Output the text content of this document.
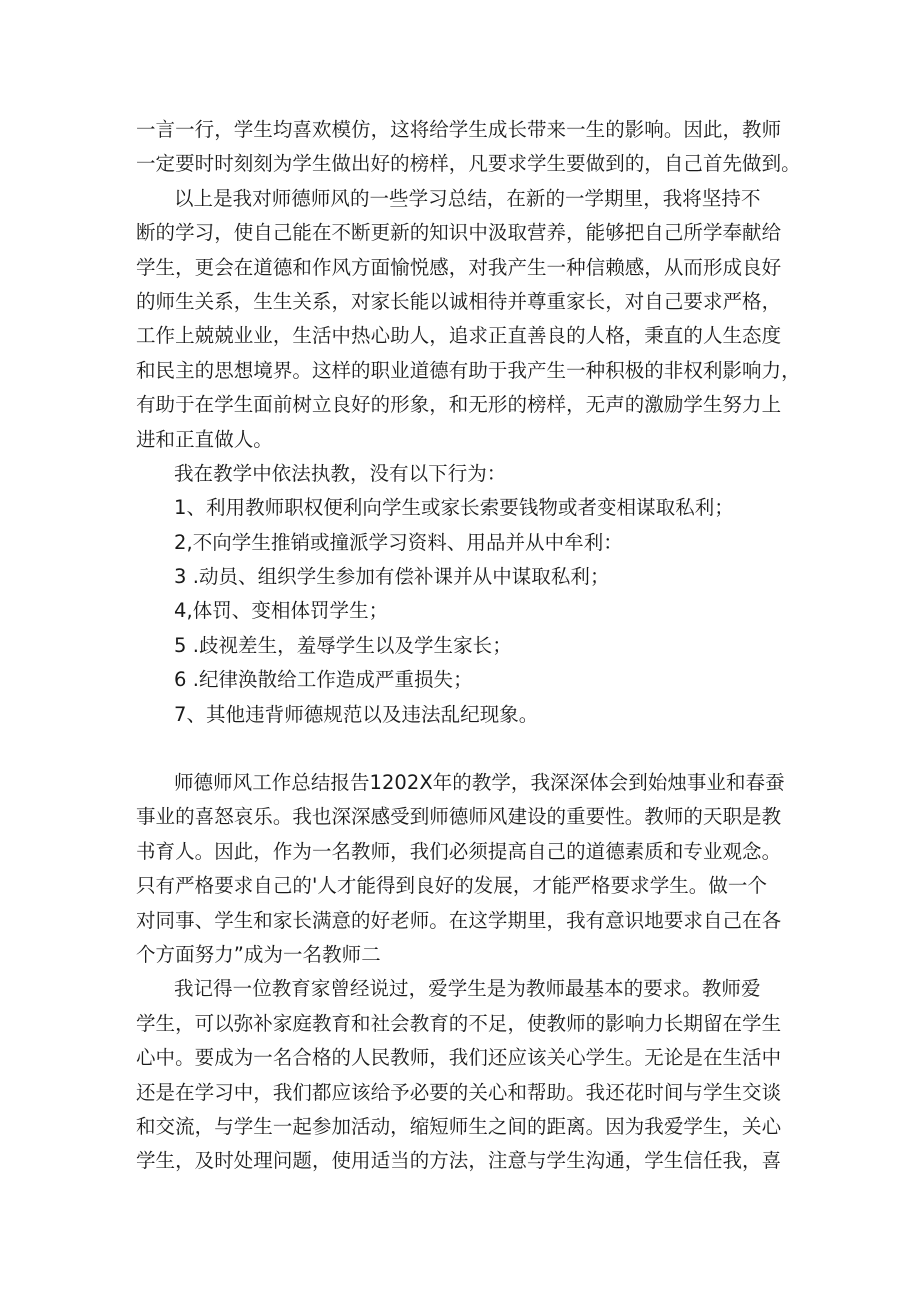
一言一行，学生均喜欢模仿，这将给学生成长带来一生的影响。因此，教师
一定要时时刻刻为学生做出好的榜样，凡要求学生要做到的，自己首先做到。
以上是我对师德师风的一些学习总结，在新的一学期里，我将坚持不
断的学习，使自己能在不断更新的知识中汲取营养，能够把自己所学奉献给
学生，更会在道德和作风方面愉悦感，对我产生一种信赖感，从而形成良好
的师生关系，生生关系，对家长能以诚相待并尊重家长，对自己要求严格，
工作上兢兢业业，生活中热心助人，追求正直善良的人格，秉直的人生态度
和民主的思想境界。这样的职业道德有助于我产生一种积极的非权利影响力，
有助于在学生面前树立良好的形象，和无形的榜样，无声的激励学生努力上
进和正直做人。
我在教学中依法执教，没有以下行为：
1、利用教师职权便利向学生或家长索要钱物或者变相谋取私利；
2,不向学生推销或撞派学习资料、用品并从中牟利：
3 .动员、组织学生参加有偿补课并从中谋取私利；
4,体罚、变相体罚学生；
5 .歧视差生，羞辱学生以及学生家长；
6 .纪律涣散给工作造成严重损失；
7、其他违背师德规范以及违法乱纪现象。
师德师风工作总结报告1202X年的教学，我深深体会到始烛事业和春蚕
事业的喜怒哀乐。我也深深感受到师德师风建设的重要性。教师的天职是教
书育人。因此，作为一名教师，我们必须提高自己的道德素质和专业观念。
只有严格要求自己的'人才能得到良好的发展，才能严格要求学生。做一个
对同事、学生和家长满意的好老师。在这学期里，我有意识地要求自己在各
个方面努力”成为一名教师二
我记得一位教育家曾经说过，爱学生是为教师最基本的要求。教师爱
学生，可以弥补家庭教育和社会教育的不足，使教师的影响力长期留在学生
心中。要成为一名合格的人民教师，我们还应该关心学生。无论是在生活中
还是在学习中，我们都应该给予必要的关心和帮助。我还花时间与学生交谈
和交流，与学生一起参加活动，缩短师生之间的距离。因为我爱学生，关心
学生，及时处理问题，使用适当的方法，注意与学生沟通，学生信任我，喜
